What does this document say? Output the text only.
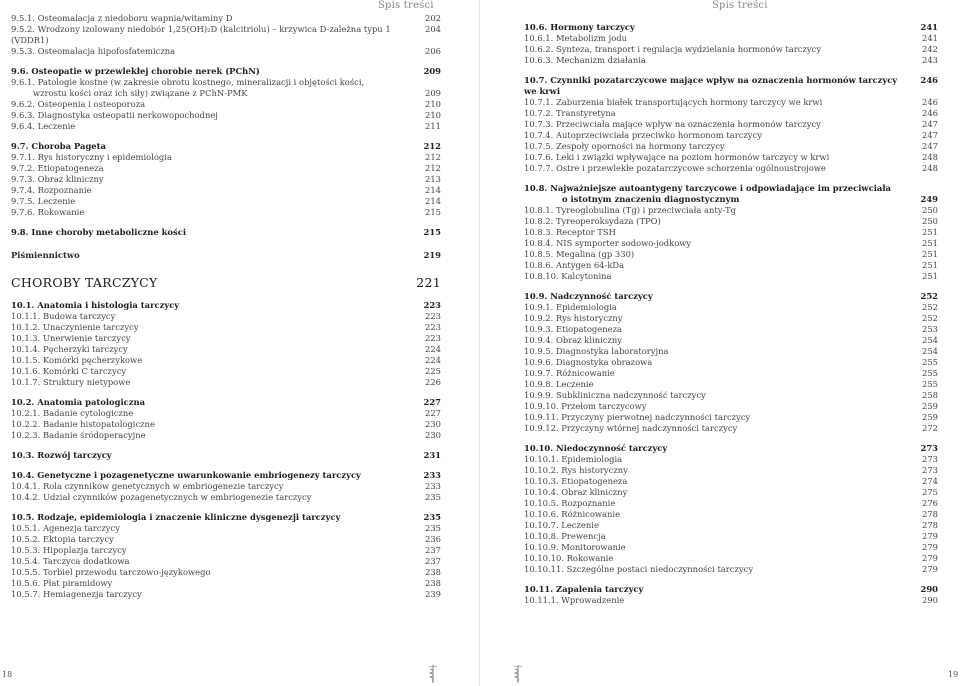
Spis treści
9.5.1. Osteomalacja z niedoboru wapnia/witaminy D	202
9.5.2. Wrodzony izolowany niedobór 1,25(OH)₂D (kalcitriolu) – krzywica D-zależna typu 1 (VDDR1)
204
9.5.3. Osteomalacja hipofosfatemiczna	206
9.6. Osteopatie w przewlekłej chorobie nerek (PChN)	209
9.6.1. Patologie kostne (w zakresie obrotu kostnego, mineralizacji i objętości kości,
wzrostu kości oraz ich siły) związane z PChN-PMK	209
9.6.2. Osteopenia i osteoporoza	210
9.6.3. Diagnostyka osteopatii nerkowopochodnej	210
9.6.4. Leczenie	211
9.7. Choroba Pageta	212
9.7.1. Rys historyczny i epidemiologia	212
9.7.2. Etiopatogeneza	212
9.7.3. Obraz kliniczny	213
9.7.4. Rozpoznanie	214
9.7.5. Leczenie	214
9.7.6. Rokowanie	215
9.8. Inne choroby metaboliczne kości	215
Piśmiennictwo	219
CHOROBY TARCZYCY	221
10.1. Anatomia i histologia tarczycy	223
10.1.1. Budowa tarczycy	223
10.1.2. Unaczynienie tarczycy	223
10.1.3. Unerwienie tarczycy	223
10.1.4. Pęcherzyki tarczycy	224
10.1.5. Komórki pęcherzykowe	224
10.1.6. Komórki C tarczycy	225
10.1.7. Struktury nietypowe	226
10.2. Anatomia patologiczna	227
10.2.1. Badanie cytologiczne	227
10.2.2. Badanie histopatologiczne	230
10.2.3. Badanie śródoperacyjne	230
10.3. Rozwój tarczycy	231
10.4. Genetyczne i pozagenetyczne uwarunkowanie embriogenezy tarczycy	233
10.4.1. Rola czynników genetycznych w embriogenezie tarczycy	233
10.4.2. Udział czynników pozagenetycznych w embriogenezie tarczycy	235
10.5. Rodzaje, epidemiologia i znaczenie kliniczne dysgenezji tarczycy	235
10.5.1. Agenezja tarczycy	235
10.5.2. Ektopia tarczycy	236
10.5.3. Hipoplazja tarczycy	237
10.5.4. Tarczyca dodatkowa	237
10.5.5. Torbiel przewodu tarczowo-językowego	238
10.5.6. Płat piramidowy	238
10.5.7. Hemiagenezja tarczycy	239
18
Spis treści
10.6. Hormony tarczycy	241
10.6.1. Metabolizm jodu	241
10.6.2. Synteza, transport i regulacja wydzielania hormonów tarczycy	242
10.6.3. Mechanizm działania	243
10.7. Czynniki pozatarczycowe mające wpływ na oznaczenia hormonów tarczycy we krwi
246
10.7.1. Zaburzenia białek transportujących hormony tarczycy we krwi	246
10.7.2. Transtyretyna	246
10.7.3. Przeciwciała mające wpływ na oznaczenia hormonów tarczycy	247
10.7.4. Autoprzeciwciała przeciwko hormonom tarczycy	247
10.7.5. Zespoły oporności na hormony tarczycy	247
10.7.6. Leki i związki wpływające na poziom hormonów tarczycy w krwi	248
10.7.7. Ostre i przewlekłe pozatarczycowe schorzenia ogólnoustrojowe	248
10.8. Najważniejsze autoantygeny tarczycowe i odpowiadające im przeciwciała
o istotnym znaczeniu diagnostycznym	249
10.8.1. Tyreoglobulina (Tg) i przeciwciała anty-Tg	250
10.8.2. Tyreoperoksydaza (TPO)	250
10.8.3. Receptor TSH	251
10.8.4. NIS symporter sodowo-jodkowy	251
10.8.5. Megalina (gp 330)	251
10.8.6. Antygen 64-kDa	251
10.8.10. Kalcytonina	251
10.9. Nadczynność tarczycy	252
10.9.1. Epidemiologia	252
10.9.2. Rys historyczny	252
10.9.3. Etiopatogeneza	253
10.9.4. Obraz kliniczny	254
10.9.5. Diagnostyka laboratoryjna	254
10.9.6. Diagnostyka obrazowa	255
10.9.7. Różnicowanie	255
10.9.8. Leczenie	255
10.9.9. Subkliniczna nadczynność tarczycy	258
10.9.10. Przełom tarczycowy	259
10.9.11. Przyczyny pierwotnej nadczynności tarczycy	259
10.9.12. Przyczyny wtórnej nadczynności tarczycy	272
10.10. Niedoczynność tarczycy	273
10.10.1. Epidemiologia	273
10.10.2. Rys historyczny	273
10.10.3. Etiopatogeneza	274
10.10.4. Obraz kliniczny	275
10.10.5. Rozpoznanie	276
10.10.6. Różnicowanie	278
10.10.7. Leczenie	278
10.10.8. Prewencja	279
10.10.9. Monitorowanie	279
10.10.10. Rokowanie	279
10.10.11. Szczególne postaci niedoczynności tarczycy	279
10.11. Zapalenia tarczycy	290
10.11.1. Wprowadzenie	290
19
